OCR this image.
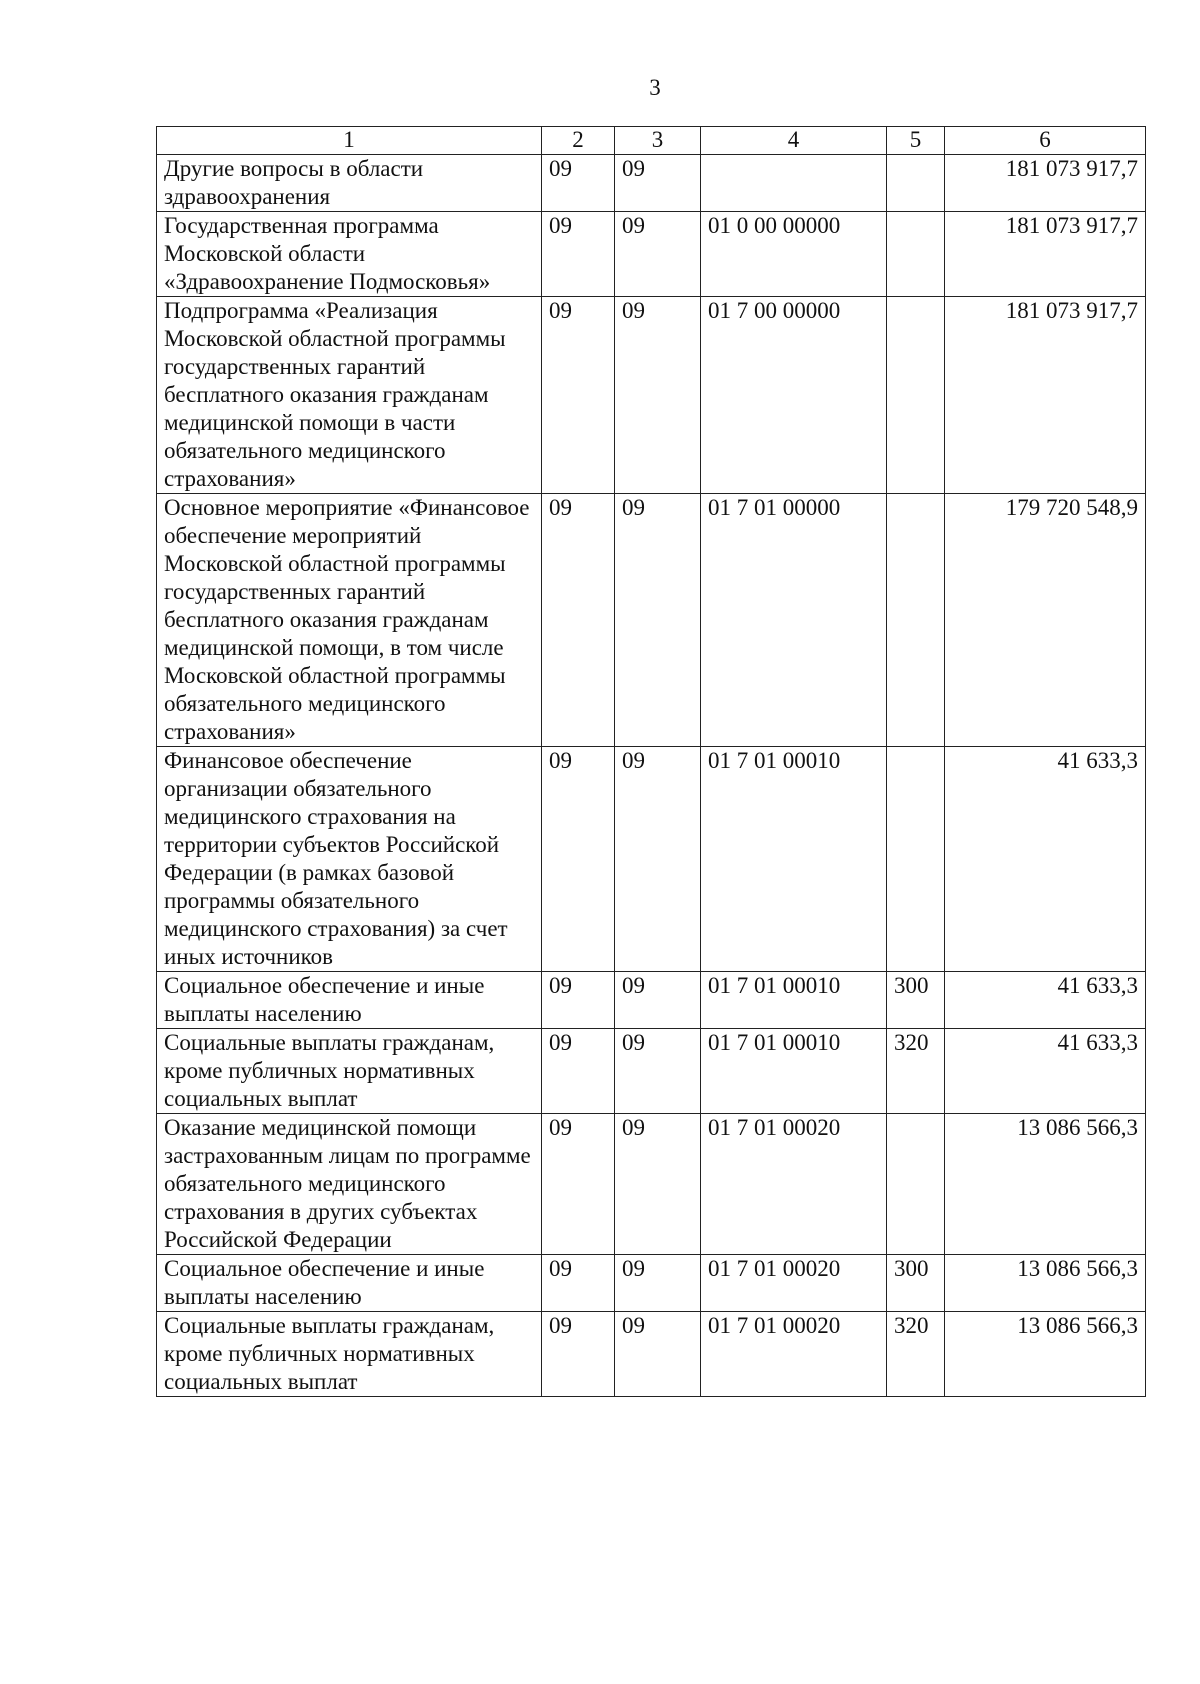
3
1	2	3	4	5	6
Другие вопросы в области здравоохранения	09	09			181 073 917,7
Государственная программа Московской области «Здравоохранение Подмосковья»	09	09	01 0 00 00000		181 073 917,7
Подпрограмма «Реализация Московской областной программы государственных гарантий бесплатного оказания гражданам медицинской помощи в части обязательного медицинского страхования»	09	09	01 7 00 00000		181 073 917,7
Основное мероприятие «Финансовое обеспечение мероприятий Московской областной программы государственных гарантий бесплатного оказания гражданам медицинской помощи, в том числе Московской областной программы обязательного медицинского страхования»	09	09	01 7 01 00000		179 720 548,9
Финансовое обеспечение организации обязательного медицинского страхования на территории субъектов Российской Федерации (в рамках базовой программы обязательного медицинского страхования) за счет иных источников	09	09	01 7 01 00010		41 633,3
Социальное обеспечение и иные выплаты населению	09	09	01 7 01 00010	300	41 633,3
Социальные выплаты гражданам, кроме публичных нормативных социальных выплат	09	09	01 7 01 00010	320	41 633,3
Оказание медицинской помощи застрахованным лицам по программе обязательного медицинского страхования в других субъектах Российской Федерации	09	09	01 7 01 00020		13 086 566,3
Социальное обеспечение и иные выплаты населению	09	09	01 7 01 00020	300	13 086 566,3
Социальные выплаты гражданам, кроме публичных нормативных социальных выплат	09	09	01 7 01 00020	320	13 086 566,3
